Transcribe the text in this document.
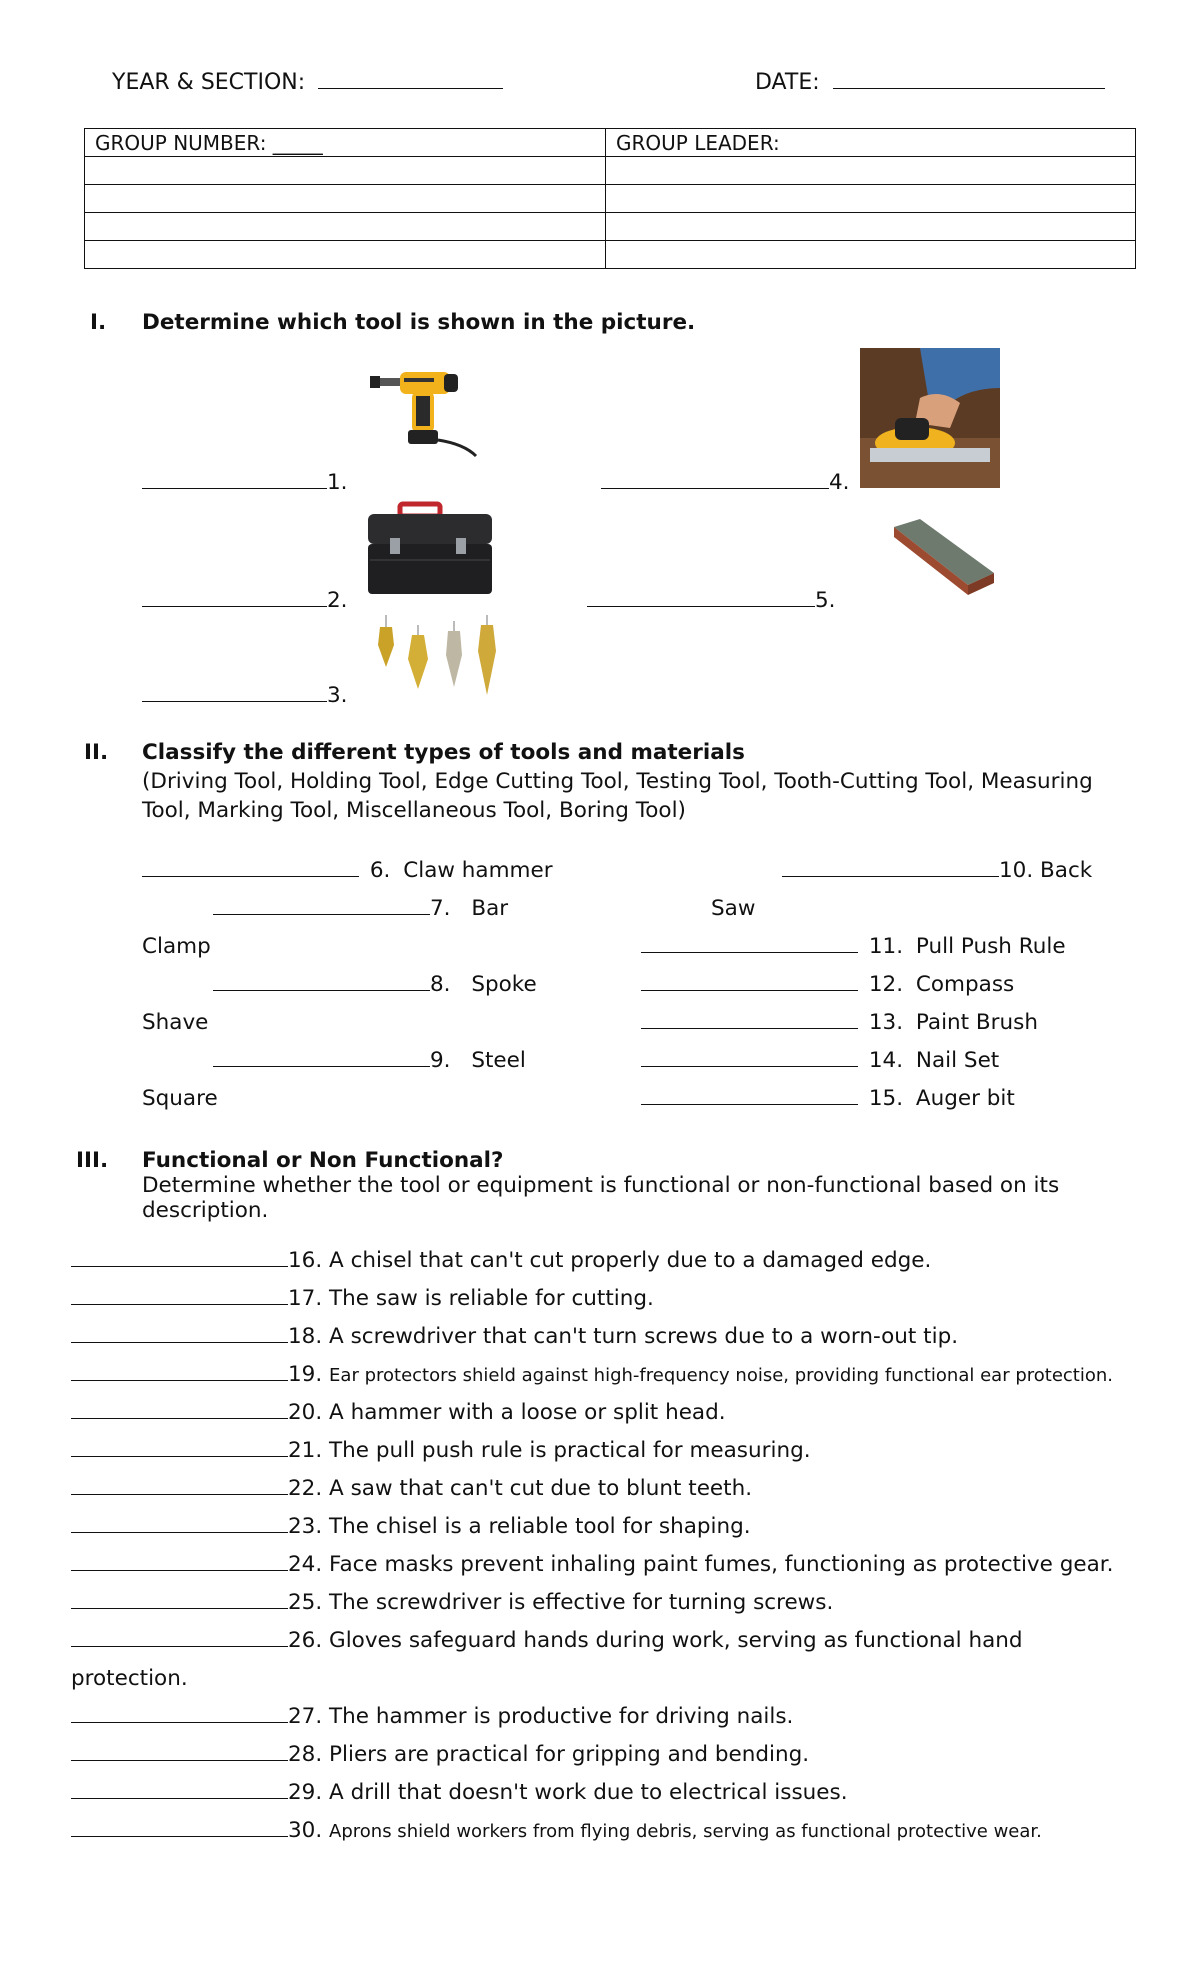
YEAR & SECTION:	DATE:
GROUP NUMBER: _____	GROUP LEADER:

I. Determine which tool is shown in the picture.
1.
2.
3.
4.
5.
II. Classify the different types of tools and materials
(Driving Tool, Holding Tool, Edge Cutting Tool, Testing Tool, Tooth-Cutting Tool, Measuring
Tool, Marking Tool, Miscellaneous Tool, Boring Tool)
6. Claw hammer
7. Bar
Clamp
8. Spoke
Shave
9. Steel
Square
10. Back
Saw
11. Pull Push Rule
12. Compass
13. Paint Brush
14. Nail Set
15. Auger bit
III. Functional or Non Functional?
Determine whether the tool or equipment is functional or non-functional based on its
description.
16. A chisel that can't cut properly due to a damaged edge.
17. The saw is reliable for cutting.
18. A screwdriver that can't turn screws due to a worn-out tip.
19. Ear protectors shield against high-frequency noise, providing functional ear protection.
20. A hammer with a loose or split head.
21. The pull push rule is practical for measuring.
22. A saw that can't cut due to blunt teeth.
23. The chisel is a reliable tool for shaping.
24. Face masks prevent inhaling paint fumes, functioning as protective gear.
25. The screwdriver is effective for turning screws.
26. Gloves safeguard hands during work, serving as functional hand
protection.
27. The hammer is productive for driving nails.
28. Pliers are practical for gripping and bending.
29. A drill that doesn't work due to electrical issues.
30. Aprons shield workers from flying debris, serving as functional protective wear.
